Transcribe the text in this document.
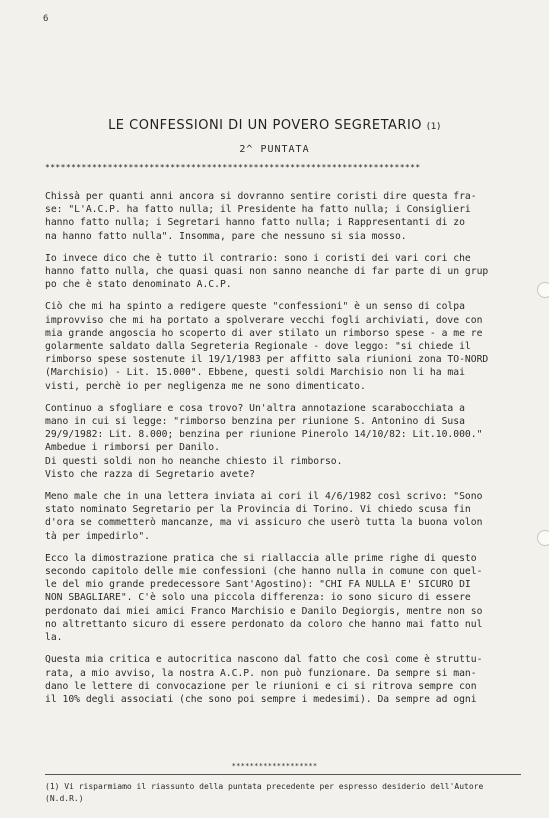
6
LE CONFESSIONI DI UN POVERO SEGRETARIO (1)
2^ PUNTATA
************************************************************************

Chissà per quanti anni ancora si dovranno sentire coristi dire questa fra-
se: "L'A.C.P. ha fatto nulla; il Presidente ha fatto nulla; i Consiglieri
hanno fatto nulla; i Segretari hanno fatto nulla; i Rappresentanti di zo
na hanno fatto nulla". Insomma, pare che nessuno si sia mosso.

Io invece dico che è tutto il contrario: sono i coristi dei vari cori che
hanno fatto nulla, che quasi quasi non sanno neanche di far parte di un grup
po che è stato denominato A.C.P.

Ciò che mi ha spinto a redigere queste "confessioni" è un senso di colpa
improvviso che mi ha portato a spolverare vecchi fogli archiviati, dove con
mia grande angoscia ho scoperto di aver stilato un rimborso spese - a me re
golarmente saldato dalla Segreteria Regionale - dove leggo: "si chiede il
rimborso spese sostenute il 19/1/1983 per affitto sala riunioni zona TO-NORD
(Marchisio) - Lit. 15.000". Ebbene, questi soldi Marchisio non li ha mai
visti, perchè io per negligenza me ne sono dimenticato.

Continuo a sfogliare e cosa trovo? Un'altra annotazione scarabocchiata a
mano in cui si legge: "rimborso benzina per riunione S. Antonino di Susa
29/9/1982: Lit. 8.000; benzina per riunione Pinerolo 14/10/82: Lit.10.000."
Ambedue i rimborsi per Danilo.
Di questi soldi non ho neanche chiesto il rimborso.
Visto che razza di Segretario avete?

Meno male che in una lettera inviata ai cori il 4/6/1982 così scrivo: "Sono
stato nominato Segretario per la Provincia di Torino. Vi chiedo scusa fin
d'ora se commetterò mancanze, ma vi assicuro che userò tutta la buona volon
tà per impedirlo".

Ecco la dimostrazione pratica che si riallaccia alle prime righe di questo
secondo capitolo delle mie confessioni (che hanno nulla in comune con quel-
le del mio grande predecessore Sant'Agostino): "CHI FA NULLA E' SICURO DI
NON SBAGLIARE". C'è solo una piccola differenza: io sono sicuro di essere
perdonato dai miei amici Franco Marchisio e Danilo Degiorgis, mentre non so
no altrettanto sicuro di essere perdonato da coloro che hanno mai fatto nul
la.

Questa mia critica e autocritica nascono dal fatto che così come è struttu-
rata, a mio avviso, la nostra A.C.P. non può funzionare. Da sempre si man-
dano le lettere di convocazione per le riunioni e ci si ritrova sempre con
il 10% degli associati (che sono poi sempre i medesimi). Da sempre ad ogni

*******************
(1) Vi risparmiamo il riassunto della puntata precedente per espresso desiderio dell'Autore
(N.d.R.)
